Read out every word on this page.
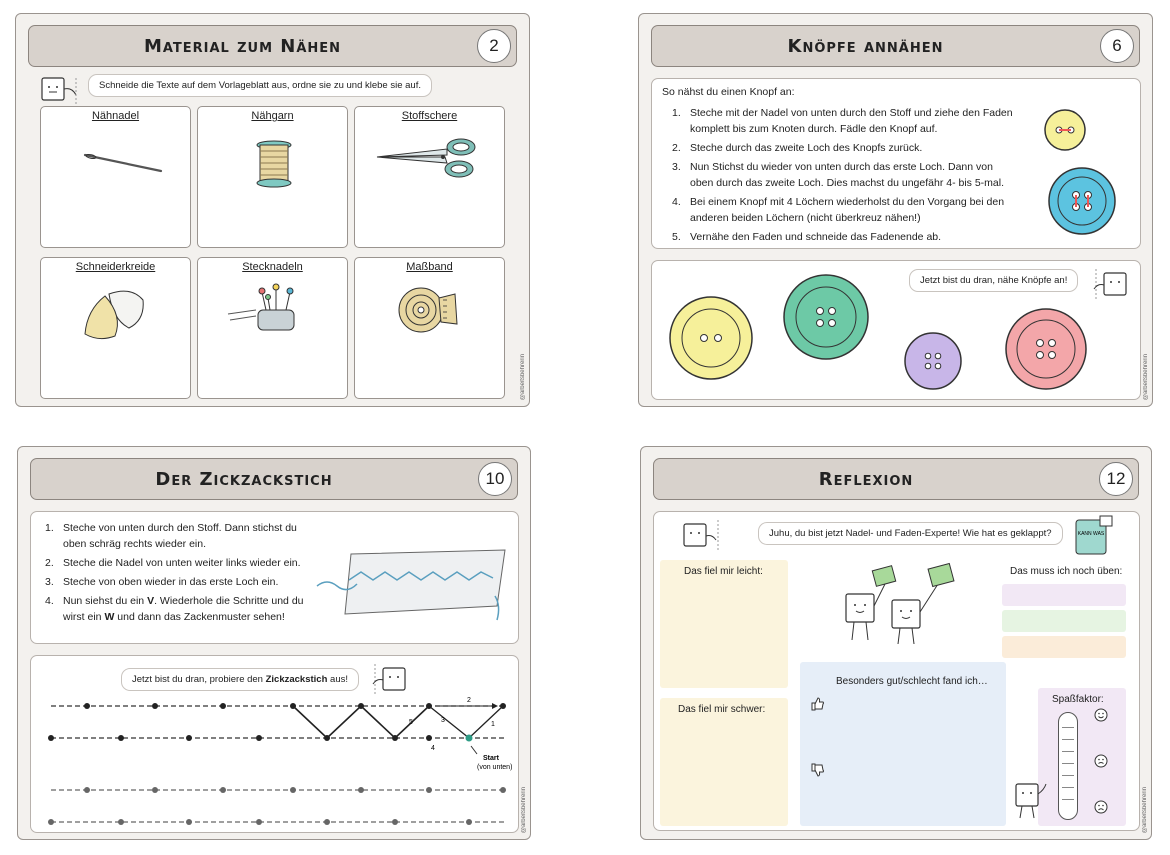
Material zum Nähen	2
Schneide die Texte auf dem Vorlageblatt aus, ordne sie zu und klebe sie auf.
Nähnadel	Nähgarn	Stoffschere
Schneiderkreide	Stecknadeln	Maßband
@arbeitsbehrerin
Knöpfe annähen	6
So nähst du einen Knopf an:
1. Steche mit der Nadel von unten durch den Stoff und ziehe den Faden komplett bis zum Knoten durch. Fädle den Knopf auf.
2. Steche durch das zweite Loch des Knopfs zurück.
3. Nun Stichst du wieder von unten durch das erste Loch. Dann von oben durch das zweite Loch. Dies machst du ungefähr 4- bis 5-mal.
4. Bei einem Knopf mit 4 Löchern wiederholst du den Vorgang bei den anderen beiden Löchern (nicht überkreuz nähen!)
5. Vernähe den Faden und schneide das Fadenende ab.
Jetzt bist du dran, nähe Knöpfe an!
@arbeitsbehrerin
Der Zickzackstich	10
1. Steche von unten durch den Stoff. Dann stichst du oben schräg rechts wieder ein.
2. Steche die Nadel von unten weiter links wieder ein.
3. Steche von oben wieder in das erste Loch ein.
4. Nun siehst du ein V. Wiederhole die Schritte und du wirst ein W und dann das Zackenmuster sehen!
Jetzt bist du dran, probiere den Zickzackstich aus!
1
2
3
4
5
Start
(von unten)
@arbeitsbehrerin
Reflexion	12
Juhu, du bist jetzt Nadel- und Faden-Experte! Wie hat es geklappt?	KANN WAS
Das fiel mir leicht:
Das fiel mir schwer:
Das muss ich noch üben:
Besonders gut/schlecht fand ich…
Spaßfaktor:
@arbeitsbehrerin
